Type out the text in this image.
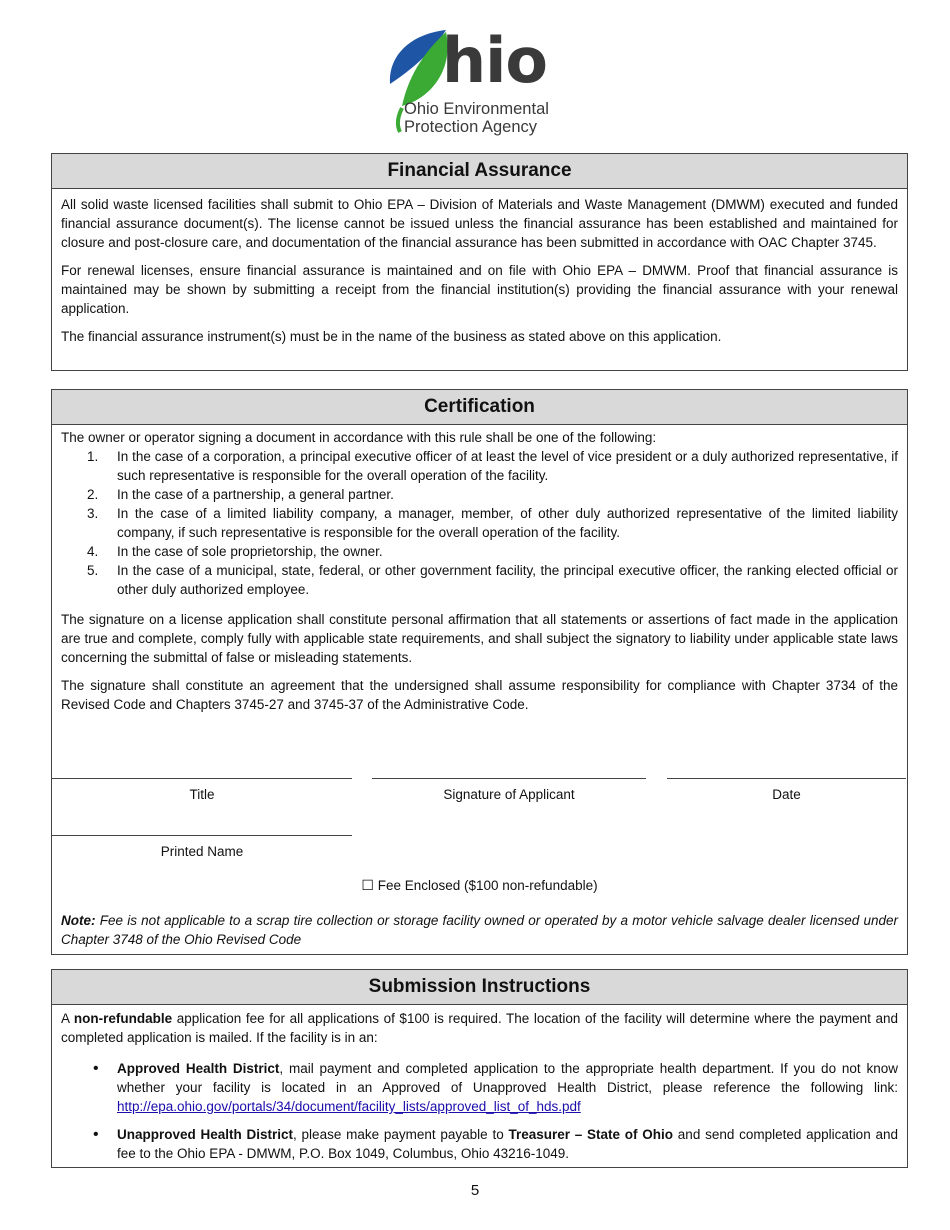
hio
Ohio Environmental
Protection Agency
Financial Assurance

All solid waste licensed facilities shall submit to Ohio EPA – Division of Materials and Waste Management (DMWM) executed and funded financial assurance document(s). The license cannot be issued unless the financial assurance has been established and maintained for closure and post-closure care, and documentation of the financial assurance has been submitted in accordance with OAC Chapter 3745.

For renewal licenses, ensure financial assurance is maintained and on file with Ohio EPA – DMWM. Proof that financial assurance is maintained may be shown by submitting a receipt from the financial institution(s) providing the financial assurance with your renewal application.

The financial assurance instrument(s) must be in the name of the business as stated above on this application.

Certification
The owner or operator signing a document in accordance with this rule shall be one of the following:
1.	In the case of a corporation, a principal executive officer of at least the level of vice president or a duly authorized representative, if such representative is responsible for the overall operation of the facility.
2.	In the case of a partnership, a general partner.
3.	In the case of a limited liability company, a manager, member, of other duly authorized representative of the limited liability company, if such representative is responsible for the overall operation of the facility.
4.	In the case of sole proprietorship, the owner.
5.	In the case of a municipal, state, federal, or other government facility, the principal executive officer, the ranking elected official or other duly authorized employee.

The signature on a license application shall constitute personal affirmation that all statements or assertions of fact made in the application are true and complete, comply fully with applicable state requirements, and shall subject the signatory to liability under applicable state laws concerning the submittal of false or misleading statements.

The signature shall constitute an agreement that the undersigned shall assume responsibility for compliance with Chapter 3734 of the Revised Code and Chapters 3745-27 and 3745-37 of the Administrative Code.

Title	Signature of Applicant	Date
Printed Name
☐ Fee Enclosed ($100 non-refundable)
Note: Fee is not applicable to a scrap tire collection or storage facility owned or operated by a motor vehicle salvage dealer licensed under Chapter 3748 of the Ohio Revised Code
Submission Instructions

A non-refundable application fee for all applications of $100 is required. The location of the facility will determine where the payment and completed application is mailed. If the facility is in an:

•	Approved Health District, mail payment and completed application to the appropriate health department. If you do not know whether your facility is located in an Approved of Unapproved Health District, please reference the following link: http://epa.ohio.gov/portals/34/document/facility_lists/approved_list_of_hds.pdf
•	Unapproved Health District, please make payment payable to Treasurer – State of Ohio and send completed application and fee to the Ohio EPA - DMWM, P.O. Box 1049, Columbus, Ohio 43216-1049.
5
